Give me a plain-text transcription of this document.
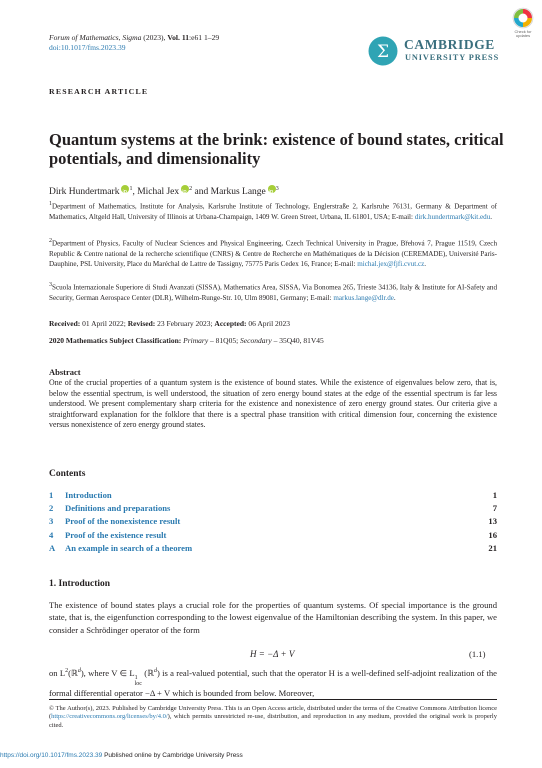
Forum of Mathematics, Sigma (2023), Vol. 11:e61 1–29
doi:10.1017/fms.2023.39
Check for updates
Σ CAMBRIDGE
UNIVERSITY PRESS
RESEARCH ARTICLE
Quantum systems at the brink: existence of bound states, critical potentials, and dimensionality
Dirk Hundertmark iD $^1$, Michal Jex iD $^2$ and Markus Lange iD $^3$
$^1$Department of Mathematics, Institute for Analysis, Karlsruhe Institute of Technology, Englerstraße 2, Karlsruhe 76131, Germany & Department of Mathematics, Altgeld Hall, University of Illinois at Urbana-Champaign, 1409 W. Green Street, Urbana, IL 61801, USA; E-mail: dirk.hundertmark@kit.edu.
$^2$Department of Physics, Faculty of Nuclear Sciences and Physical Engineering, Czech Technical University in Prague, Břehová 7, Prague 11519, Czech Republic & Centre national de la recherche scientifique (CNRS) & Centre de Recherche en Mathématiques de la Décision (CEREMADE), Université Paris-Dauphine, PSL University, Place du Maréchal de Lattre de Tassigny, 75775 Paris Cedex 16, France; E-mail: michal.jex@fjfi.cvut.cz.
$^3$Scuola Internazionale Superiore di Studi Avanzati (SISSA), Mathematics Area, SISSA, Via Bonomea 265, Trieste 34136, Italy & Institute for AI-Safety and Security, German Aerospace Center (DLR), Wilhelm-Runge-Str. 10, Ulm 89081, Germany; E-mail: markus.lange@dlr.de.
Received: 01 April 2022; Revised: 23 February 2023; Accepted: 06 April 2023
2020 Mathematics Subject Classification: Primary – 81Q05; Secondary – 35Q40, 81V45
Abstract
One of the crucial properties of a quantum system is the existence of bound states. While the existence of eigenvalues below zero, that is, below the essential spectrum, is well understood, the situation of zero energy bound states at the edge of the essential spectrum is far less understood. We present complementary sharp criteria for the existence and nonexistence of zero energy ground states. Our criteria give a straightforward explanation for the folklore that there is a spectral phase transition with critical dimension four, concerning the existence versus nonexistence of zero energy ground states.
Contents
1	Introduction	1
2	Definitions and preparations	7
3	Proof of the nonexistence result	13
4	Proof of the existence result	16
A	An example in search of a theorem	21
1. Introduction
The existence of bound states plays a crucial role for the properties of quantum systems. Of special importance is the ground state, that is, the eigenfunction corresponding to the lowest eigenvalue of the Hamiltonian describing the system. In this paper, we consider a Schrödinger operator of the form
H = −Δ + V	(1.1)
on $L^2(ℝ^d)$, where V ∈ L 1
loc
(ℝ$^d$) is a real-valued potential, such that the operator H is a well-defined self-adjoint realization of the formal differential operator −Δ + V which is bounded from below. Moreover,
© The Author(s), 2023. Published by Cambridge University Press. This is an Open Access article, distributed under the terms of the Creative Commons Attribution licence (https://creativecommons.org/licenses/by/4.0/), which permits unrestricted re-use, distribution, and reproduction in any medium, provided the original work is properly cited.
https://doi.org/10.1017/fms.2023.39 Published online by Cambridge University Press
